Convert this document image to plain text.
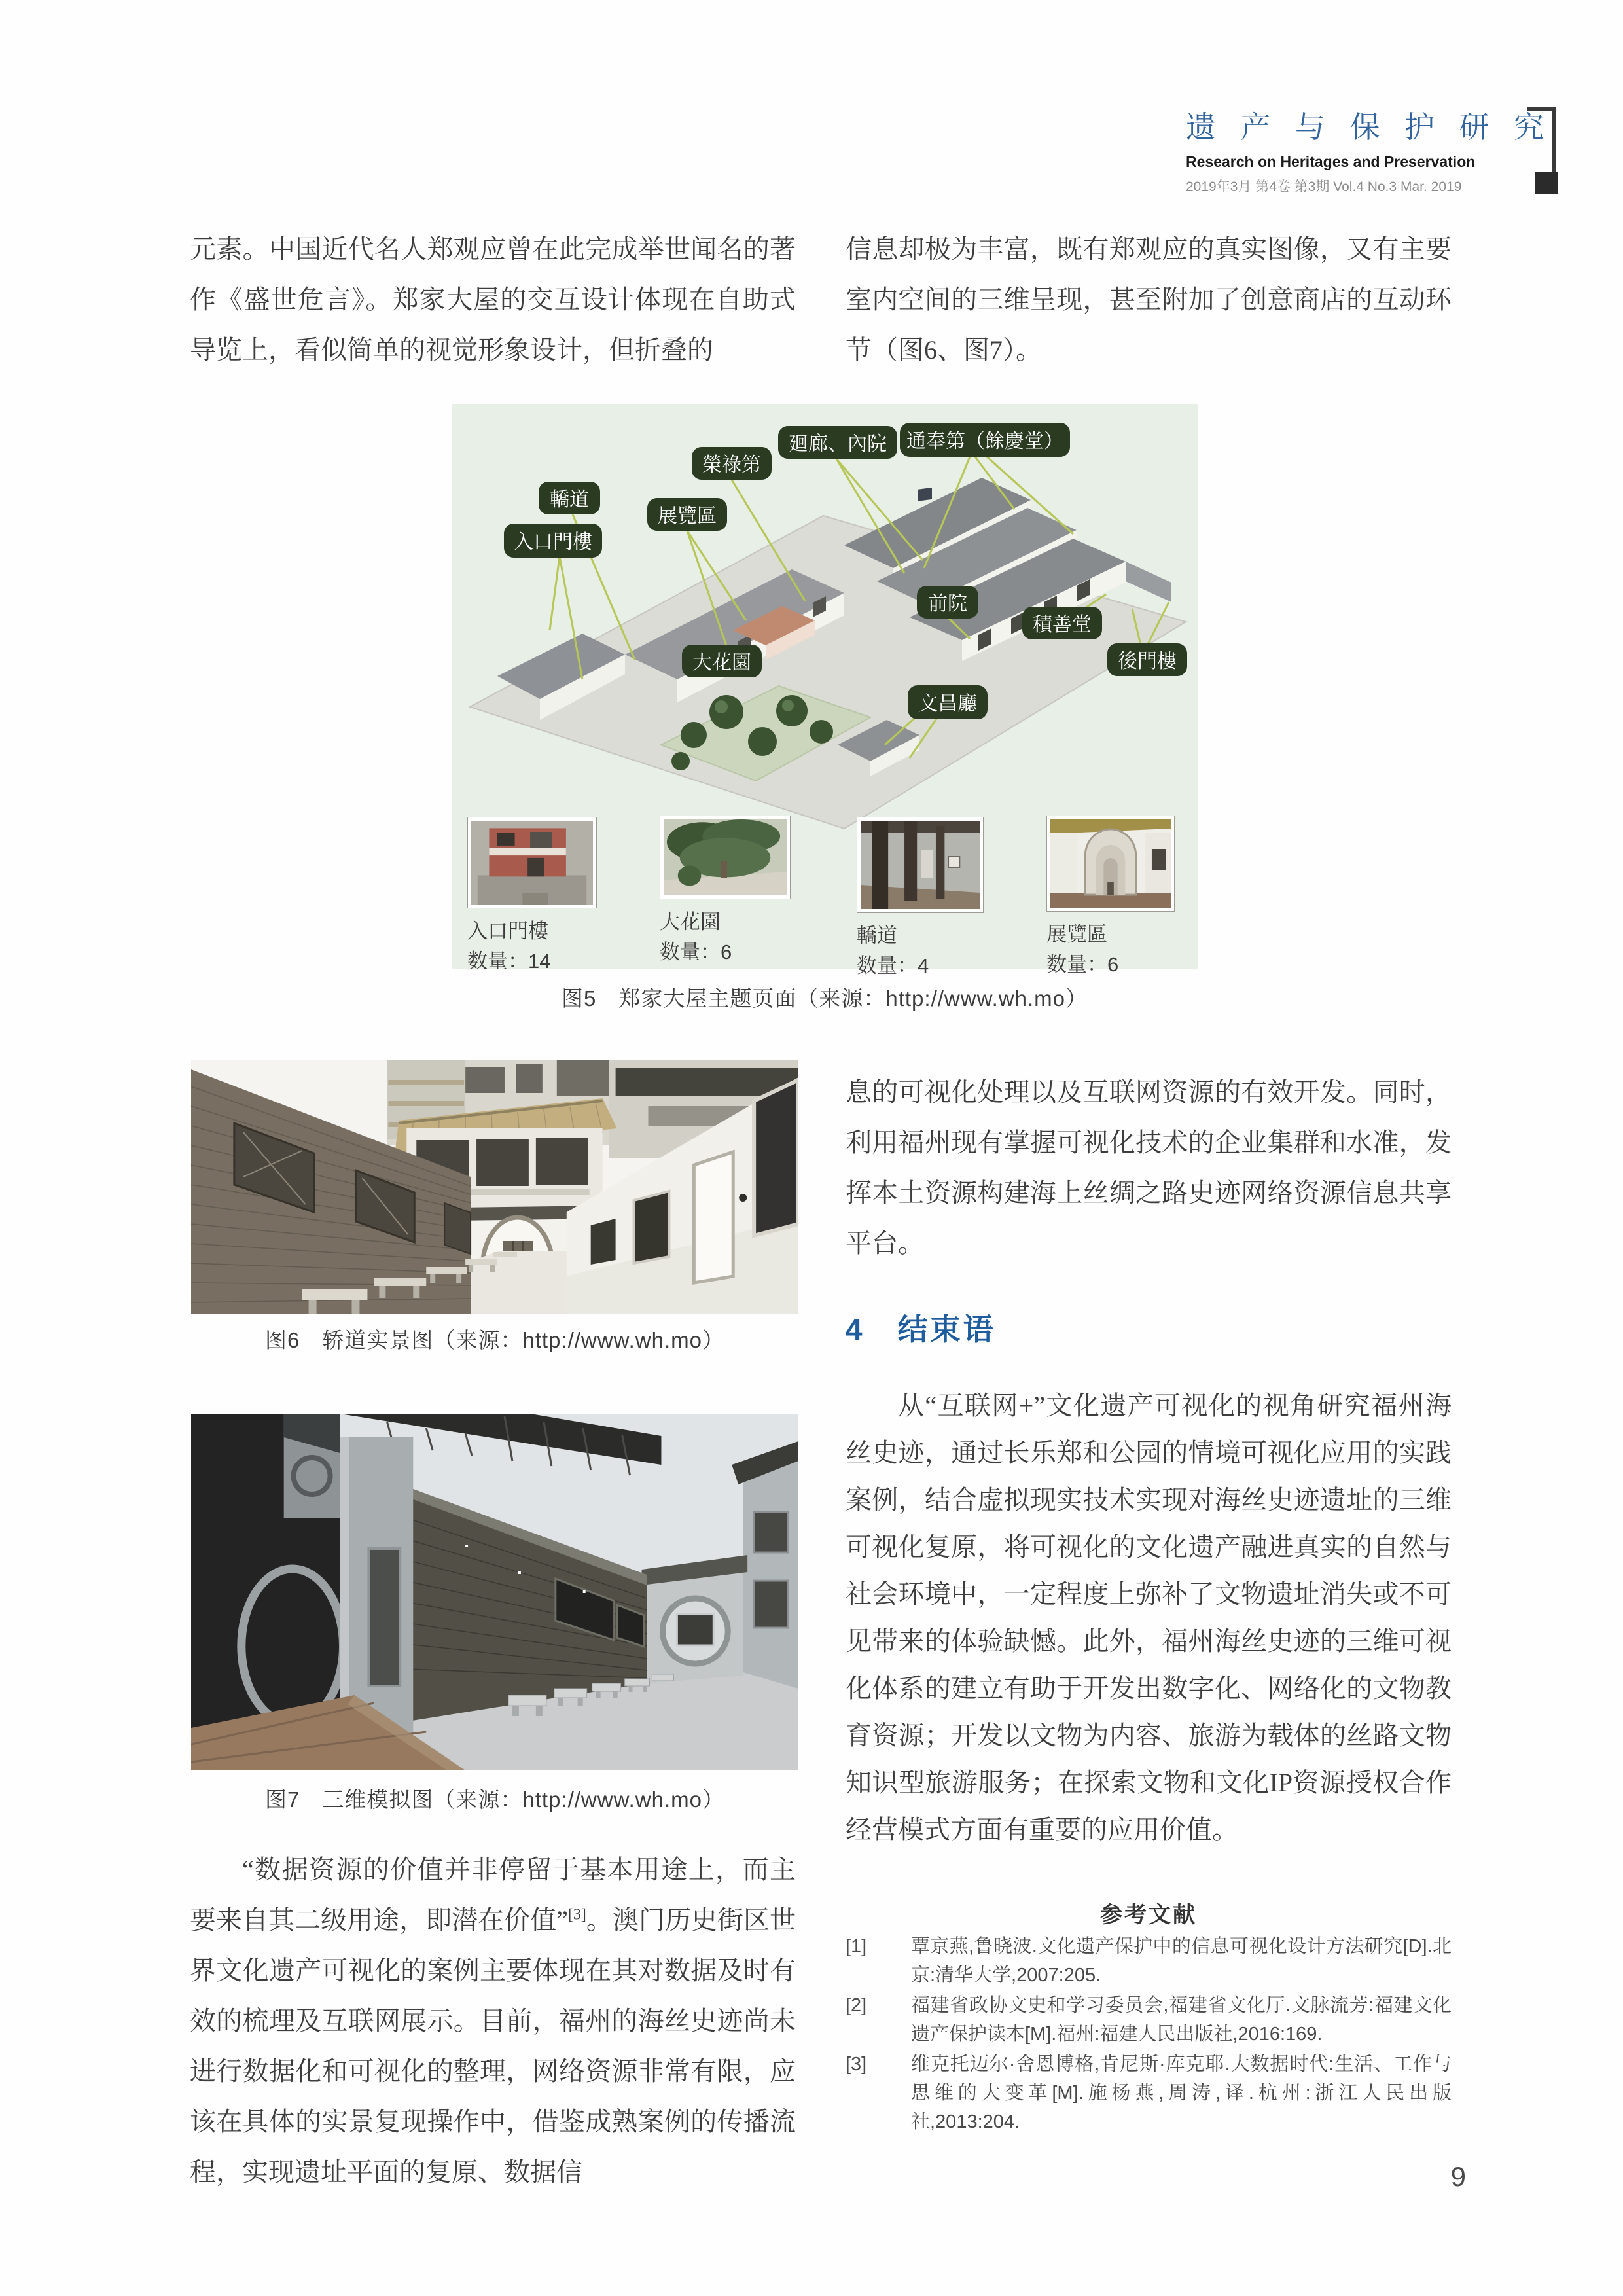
遗 产 与 保 护 研 究
Research on Heritages and Preservation
2019年3月 第4卷 第3期 Vol.4 No.3 Mar. 2019
元素。中国近代名人郑观应曾在此完成举世闻名的著作《盛世危言》。郑家大屋的交互设计体现在自助式导览上，看似简单的视觉形象设计，但折叠的
信息却极为丰富，既有郑观应的真实图像，又有主要室内空间的三维呈现，甚至附加了创意商店的互动环节（图6、图7）。
入口門樓
轎道
展覽區
榮祿第
廻廊、內院 通奉第（餘慶堂）
前院
積善堂
大花園
文昌廳
後門樓
入口門樓
数量：14
大花園
数量：6
轎道
数量：4
展覽區
数量：6
图5　郑家大屋主题页面（来源：http://www.wh.mo）
图6　轿道实景图（来源：http://www.wh.mo）
息的可视化处理以及互联网资源的有效开发。同时，利用福州现有掌握可视化技术的企业集群和水准，发挥本土资源构建海上丝绸之路史迹网络资源信息共享平台。
4　结束语
从“互联网+”文化遗产可视化的视角研究福州海丝史迹，通过长乐郑和公园的情境可视化应用的实践案例，结合虚拟现实技术实现对海丝史迹遗址的三维可视化复原，将可视化的文化遗产融进真实的自然与社会环境中，一定程度上弥补了文物遗址消失或不可见带来的体验缺憾。此外，福州海丝史迹的三维可视化体系的建立有助于开发出数字化、网络化的文物教育资源；开发以文物为内容、旅游为载体的丝路文物知识型旅游服务；在探索文物和文化IP资源授权合作经营模式方面有重要的应用价值。
图7　三维模拟图（来源：http://www.wh.mo）
“数据资源的价值并非停留于基本用途上，而主要来自其二级用途，即潜在价值”[3]。澳门历史街区世界文化遗产可视化的案例主要体现在其对数据及时有效的梳理及互联网展示。目前，福州的海丝史迹尚未进行数据化和可视化的整理，网络资源非常有限，应该在具体的实景复现操作中，借鉴成熟案例的传播流程，实现遗址平面的复原、数据信
参考文献
[1]	覃京燕,鲁晓波.文化遗产保护中的信息可视化设计方法研究[D].北京:清华大学,2007:205.
[2]	福建省政协文史和学习委员会,福建省文化厅.文脉流芳:福建文化遗产保护读本[M].福州:福建人民出版社,2016:169.
[3]	维克托迈尔·舍恩博格,肯尼斯·库克耶.大数据时代:生活、工作与思维的大变革[M].施杨燕,周涛,译.杭州:浙江人民出版社,2013:204.
9
